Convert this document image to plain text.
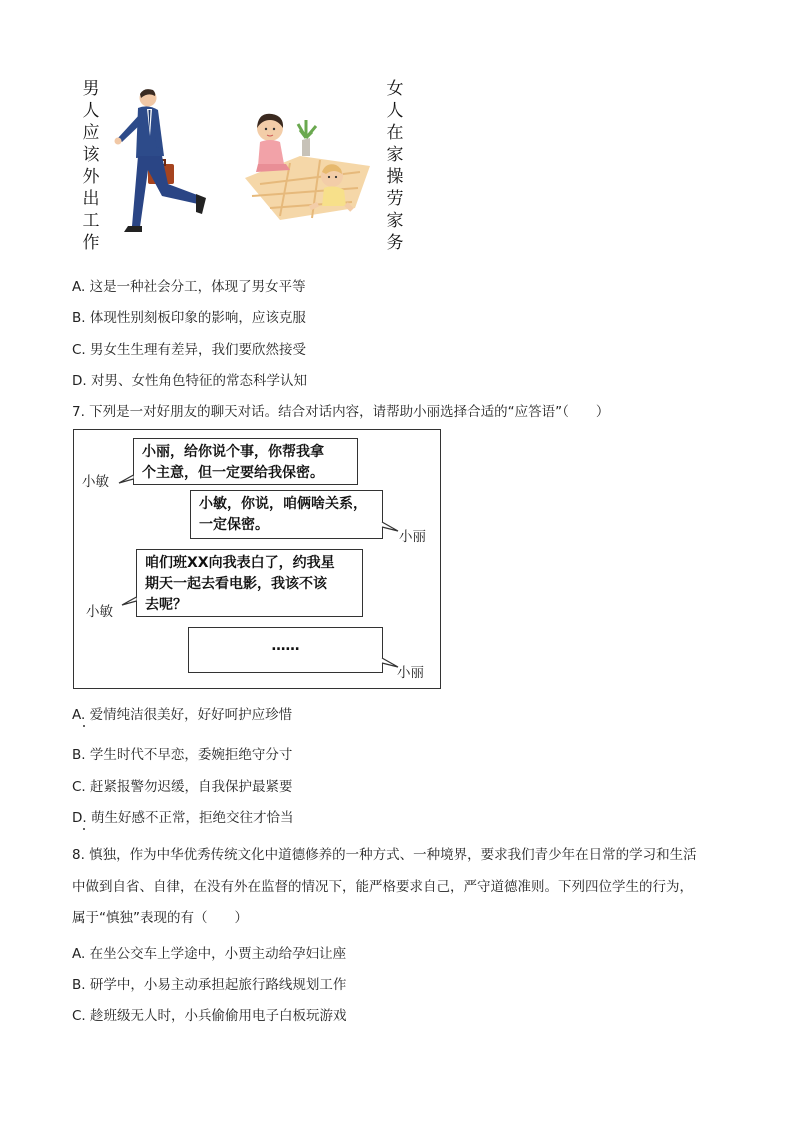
男
人
应
该
外
出
工
作
女
人
在
家
操
劳
家
务
A. 这是一种社会分工，体现了男女平等
B. 体现性别刻板印象的影响，应该克服
C. 男女生生理有差异，我们要欣然接受
D. 对男、女性角色特征的常态科学认知
7. 下列是一对好朋友的聊天对话。结合对话内容，请帮助小丽选择合适的“应答语”（　　）
小丽，给你说个事，你帮我拿
个主意，但一定要给我保密。
小敏
小敏，你说，咱俩啥关系，
一定保密。
小丽
咱们班XX向我表白了，约我星
期天一起去看电影，我该不该
去呢？
小敏
……
小丽
A. 爱情纯洁很美好，好好呵护应珍惜
B. 学生时代不早恋，委婉拒绝守分寸
C. 赶紧报警勿迟缓，自我保护最紧要
D. 萌生好感不正常，拒绝交往才恰当
8. 慎独，作为中华优秀传统文化中道德修养的一种方式、一种境界，要求我们青少年在日常的学习和生活
中做到自省、自律，在没有外在监督的情况下，能严格要求自己，严守道德准则。下列四位学生的行为，
属于“慎独”表现的有（　　）
A. 在坐公交车上学途中，小贾主动给孕妇让座
B. 研学中，小易主动承担起旅行路线规划工作
C. 趁班级无人时，小兵偷偷用电子白板玩游戏
